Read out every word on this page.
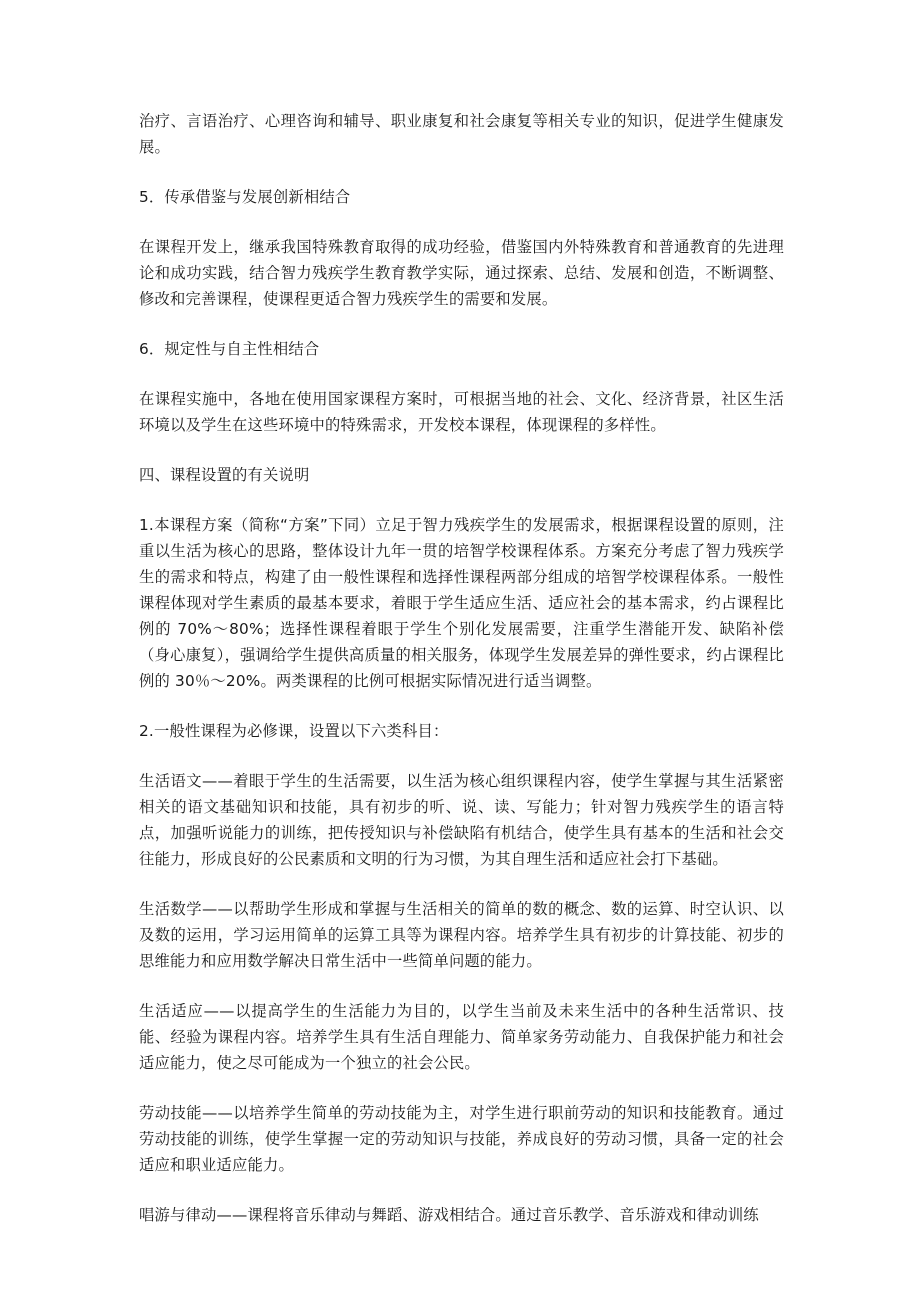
治疗、言语治疗、心理咨询和辅导、职业康复和社会康复等相关专业的知识，促进学生健康发展。

5．传承借鉴与发展创新相结合

在课程开发上，继承我国特殊教育取得的成功经验，借鉴国内外特殊教育和普通教育的先进理论和成功实践，结合智力残疾学生教育教学实际，通过探索、总结、发展和创造，不断调整、修改和完善课程，使课程更适合智力残疾学生的需要和发展。

6．规定性与自主性相结合

在课程实施中，各地在使用国家课程方案时，可根据当地的社会、文化、经济背景，社区生活环境以及学生在这些环境中的特殊需求，开发校本课程，体现课程的多样性。

四、课程设置的有关说明

1.本课程方案（简称“方案”下同）立足于智力残疾学生的发展需求，根据课程设置的原则，注重以生活为核心的思路，整体设计九年一贯的培智学校课程体系。方案充分考虑了智力残疾学生的需求和特点，构建了由一般性课程和选择性课程两部分组成的培智学校课程体系。一般性课程体现对学生素质的最基本要求，着眼于学生适应生活、适应社会的基本需求，约占课程比例的 70%～80%；选择性课程着眼于学生个别化发展需要，注重学生潜能开发、缺陷补偿（身心康复），强调给学生提供高质量的相关服务，体现学生发展差异的弹性要求，约占课程比例的 30％～20%。两类课程的比例可根据实际情况进行适当调整。

2.一般性课程为必修课，设置以下六类科目：

生活语文——着眼于学生的生活需要，以生活为核心组织课程内容，使学生掌握与其生活紧密相关的语文基础知识和技能，具有初步的听、说、读、写能力；针对智力残疾学生的语言特点，加强听说能力的训练，把传授知识与补偿缺陷有机结合，使学生具有基本的生活和社会交往能力，形成良好的公民素质和文明的行为习惯，为其自理生活和适应社会打下基础。

生活数学——以帮助学生形成和掌握与生活相关的简单的数的概念、数的运算、时空认识、以及数的运用，学习运用简单的运算工具等为课程内容。培养学生具有初步的计算技能、初步的思维能力和应用数学解决日常生活中一些简单问题的能力。

生活适应——以提高学生的生活能力为目的，以学生当前及未来生活中的各种生活常识、技能、经验为课程内容。培养学生具有生活自理能力、简单家务劳动能力、自我保护能力和社会适应能力，使之尽可能成为一个独立的社会公民。

劳动技能——以培养学生简单的劳动技能为主，对学生进行职前劳动的知识和技能教育。通过劳动技能的训练，使学生掌握一定的劳动知识与技能，养成良好的劳动习惯，具备一定的社会适应和职业适应能力。

唱游与律动——课程将音乐律动与舞蹈、游戏相结合。通过音乐教学、音乐游戏和律动训练
